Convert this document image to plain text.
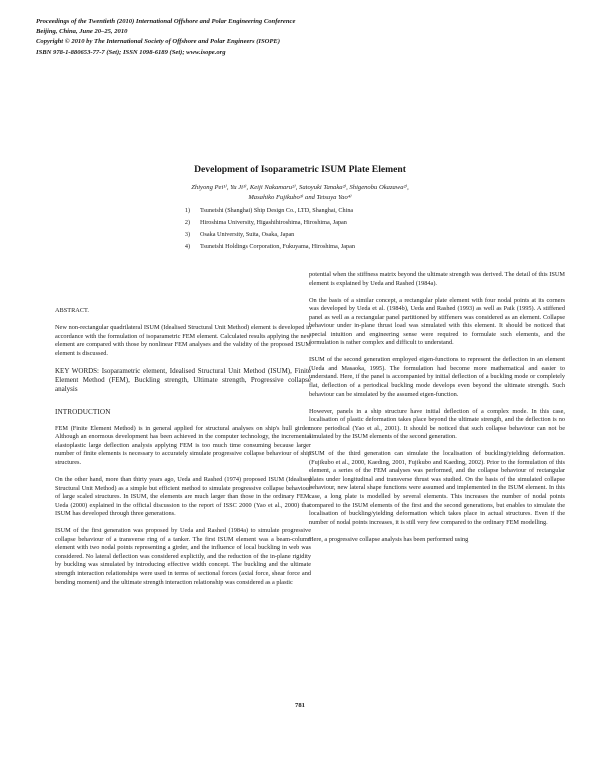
Proceedings of the Twentieth (2010) International Offshore and Polar Engineering Conference
Beijing, China, June 20–25, 2010
Copyright © 2010 by The International Society of Offshore and Polar Engineers (ISOPE)
ISBN 978-1-880653-77-7 (Set); ISSN 1098-6189 (Set); www.isope.org
Development of Isoparametric ISUM Plate Element
Zhiyong Pei¹⁾, Yu Ji¹⁾, Keiji Nakamaru²⁾, Satoyuki Tanaka²⁾, Shigenobu Okazawa²⁾,
Masahiko Fujikubo³⁾ and Tetsuya Yao⁴⁾
1) Tsuneishi (Shanghai) Ship Design Co., LTD, Shanghai, China
2) Hiroshima University, Higashihiroshima, Hiroshima, Japan
3) Osaka University, Suita, Osaka, Japan
4) Tsuneishi Holdings Corporation, Fukuyama, Hiroshima, Japan

ABSTRACT.

New non-rectangular quadrilateral ISUM (Idealised Structural Unit Method) element is developed in accordance with the formulation of isoparametric FEM element. Calculated results applying the new element are compared with those by nonlinear FEM analyses and the validity of the proposed ISUM element is discussed.

KEY WORDS: Isoparametric element, Idealised Structural Unit Method (ISUM), Finite Element Method (FEM), Buckling strength, Ultimate strength, Progressive collapse analysis

INTRODUCTION

FEM (Finite Element Method) is in general applied for structural analyses on ship's hull girder. Although an enormous development has been achieved in the computer technology, the incremental elastoplastic large deflection analysis applying FEM is too much time consuming because larger number of finite elements is necessary to accurately simulate progressive collapse behaviour of ship structures.

On the other hand, more than thirty years ago, Ueda and Rashed (1974) proposed ISUM (Idealised Structural Unit Method) as a simple but efficient method to simulate progressive collapse behaviour of large scaled structures. In ISUM, the elements are much larger than those in the ordinary FEM. Ueda (2000) explained in the official discussion to the report of ISSC 2000 (Yao et al., 2000) that ISUM has developed through three generations.

ISUM of the first generation was proposed by Ueda and Rashed (1984a) to simulate progressive collapse behaviour of a transverse ring of a tanker. The first ISUM element was a beam-column element with two nodal points representing a girder, and the influence of local buckling in web was considered. No lateral deflection was considered explicitly, and the reduction of the in-plane rigidity by buckling was simulated by introducing effective width concept. The buckling and the ultimate strength interaction relationships were used in terms of sectional forces (axial force, shear force and bending moment) and the ultimate strength interaction relationship was considered as a plastic

potential when the stiffness matrix beyond the ultimate strength was derived. The detail of this ISUM element is explained by Ueda and Rashed (1984a).

On the basis of a similar concept, a rectangular plate element with four nodal points at its corners was developed by Ueda et al. (1984b), Ueda and Rashed (1993) as well as Paik (1995). A stiffened panel as well as a rectangular panel partitioned by stiffeners was considered as an element. Collapse behaviour under in-plane thrust load was simulated with this element. It should be noticed that special intuition and engineering sense were required to formulate such elements, and the formulation is rather complex and difficult to understand.

ISUM of the second generation employed eigen-functions to represent the deflection in an element (Ueda and Masaoka, 1995). The formulation had become more mathematical and easier to understand. Here, if the panel is accompanied by initial deflection of a buckling mode or completely flat, deflection of a periodical buckling mode develops even beyond the ultimate strength. Such behaviour can be simulated by the assumed eigen-function.

However, panels in a ship structure have initial deflection of a complex mode. In this case, localisation of plastic deformation takes place beyond the ultimate strength, and the deflection is no more periodical (Yao et al., 2001). It should be noticed that such collapse behaviour can not be simulated by the ISUM elements of the second generation.

ISUM of the third generation can simulate the localisation of buckling/yielding deformation. (Fujikubo et al., 2000, Kaeding, 2001, Fujikubo and Kaeding, 2002). Prior to the formulation of this element, a series of the FEM analyses was performed, and the collapse behaviour of rectangular plates under longitudinal and transverse thrust was studied. On the basis of the simulated collapse behaviour, new lateral shape functions were assumed and implemented in the ISUM element. In this case, a long plate is modelled by several elements. This increases the number of nodal points compared to the ISUM elements of the first and the second generations, but enables to simulate the localisation of buckling/yielding deformation which takes place in actual structures. Even if the number of nodal points increases, it is still very few compared to the ordinary FEM modelling.

Here, a progressive collapse analysis has been performed using

781
